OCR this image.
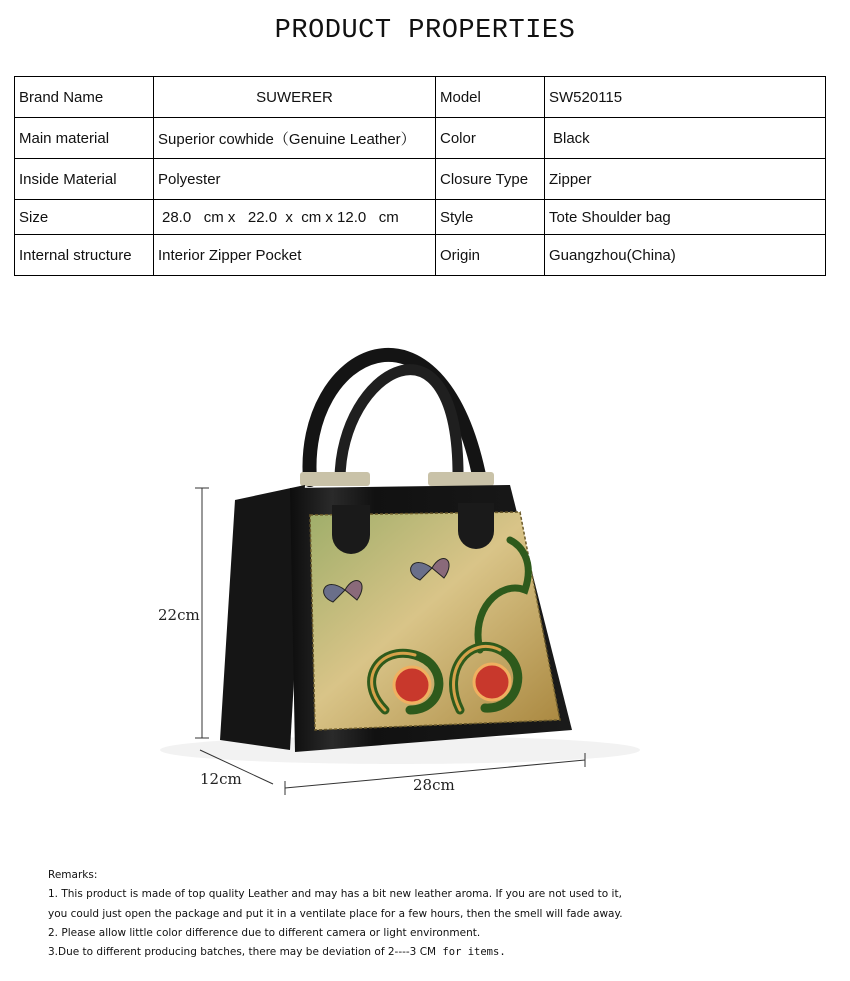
PRODUCT PROPERTIES
Brand Name	SUWERER	Model	SW520115
Main material	Superior cowhide（Genuine Leather）	Color	Black
Inside Material	Polyester	Closure Type	Zipper
Size	28.0   cm x   22.0  x  cm x 12.0   cm	Style	Tote Shoulder bag
Internal structure	Interior Zipper Pocket	Origin	Guangzhou(China)
22cm
12cm	28cm
Remarks:
1. This product is made of top quality Leather and may has a bit new leather aroma. If you are not used to it,
you could just open the package and put it in a ventilate place for a few hours, then the smell will fade away.
2. Please allow little color difference due to different camera or light environment.
3.Due to different producing batches, there may be deviation of 2----3 CM for items.
